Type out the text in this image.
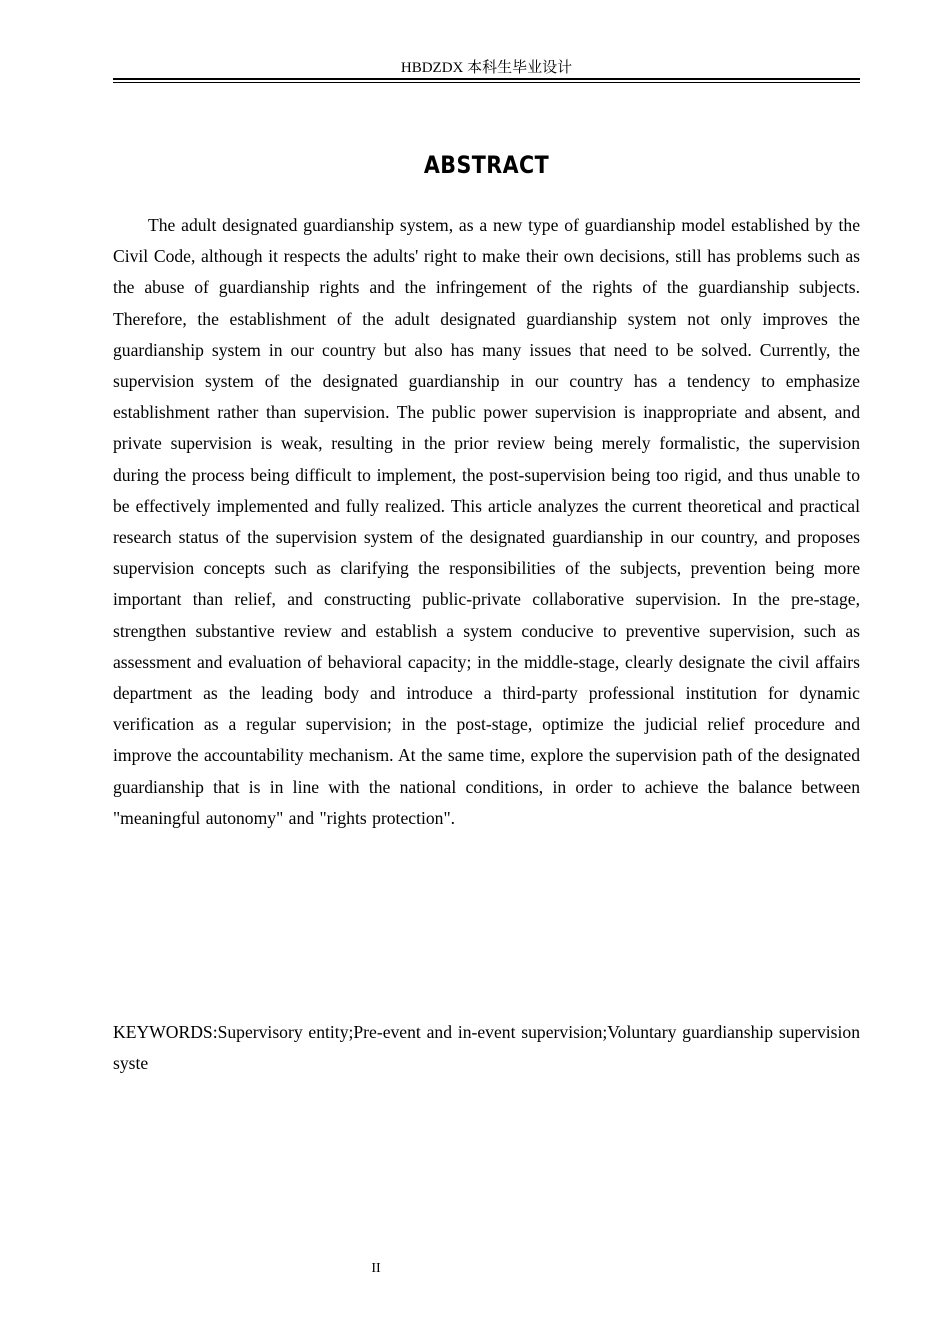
HBDZDX 本科生毕业设计
ABSTRACT

The adult designated guardianship system, as a new type of guardianship model established by the Civil Code, although it respects the adults' right to make their own decisions, still has problems such as the abuse of guardianship rights and the infringement of the rights of the guardianship subjects. Therefore, the establishment of the adult designated guardianship system not only improves the guardianship system in our country but also has many issues that need to be solved. Currently, the supervision system of the designated guardianship in our country has a tendency to emphasize establishment rather than supervision. The public power supervision is inappropriate and absent, and private supervision is weak, resulting in the prior review being merely formalistic, the supervision during the process being difficult to implement, the post-supervision being too rigid, and thus unable to be effectively implemented and fully realized. This article analyzes the current theoretical and practical research status of the supervision system of the designated guardianship in our country, and proposes supervision concepts such as clarifying the responsibilities of the subjects, prevention being more important than relief, and constructing public-private collaborative supervision. In the pre-stage, strengthen substantive review and establish a system conducive to preventive supervision, such as assessment and evaluation of behavioral capacity; in the middle-stage, clearly designate the civil affairs department as the leading body and introduce a third-party professional institution for dynamic verification as a regular supervision; in the post-stage, optimize the judicial relief procedure and improve the accountability mechanism. At the same time, explore the supervision path of the designated guardianship that is in line with the national conditions, in order to achieve the balance between "meaningful autonomy" and "rights protection".

KEYWORDS:Supervisory entity;Pre-event and in-event supervision;Voluntary guardianship supervision syste

II
